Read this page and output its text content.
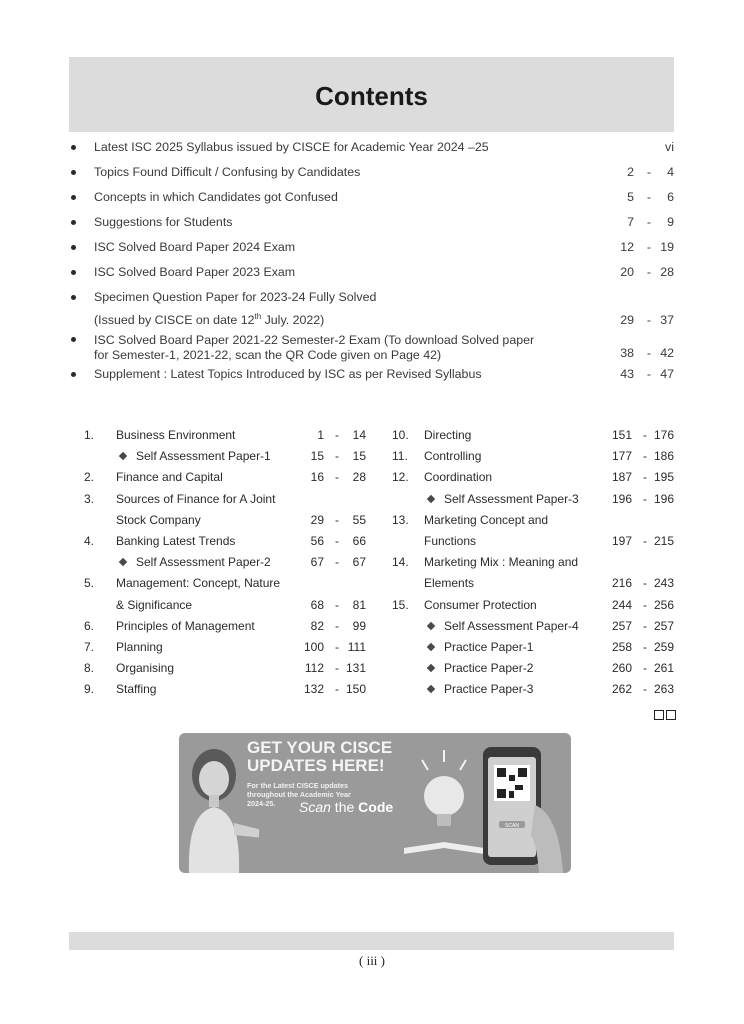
Contents
Latest ISC 2025 Syllabus issued by CISCE for Academic Year 2024 –25	vi
Topics Found Difficult / Confusing by Candidates	2 - 4
Concepts in which Candidates got Confused	5 - 6
Suggestions for Students	7 - 9
ISC Solved Board Paper 2024 Exam	12 - 19
ISC Solved Board Paper 2023 Exam	20 - 28
Specimen Question Paper for 2023-24 Fully Solved
(Issued by CISCE on date 12th July. 2022)	29 - 37
ISC Solved Board Paper 2021-22 Semester-2 Exam (To download Solved paper
for Semester-1, 2021-22, scan the QR Code given on Page 42)	38 - 42
Supplement : Latest Topics Introduced by ISC as per Revised Syllabus	43 - 47
1.	Business Environment	1 - 14
Self Assessment Paper-1	15 - 15
2.	Finance and Capital	16 - 28
3.	Sources of Finance for A Joint
Stock Company	29 - 55
4.	Banking Latest Trends	56 - 66
Self Assessment Paper-2	67 - 67
5.	Management: Concept, Nature
& Significance	68 - 81
6.	Principles of Management	82 - 99
7.	Planning	100 - 111
8.	Organising	112 - 131
9.	Staffing	132 - 150
10.	Directing	151 - 176
11.	Controlling	177 - 186
12.	Coordination	187 - 195
Self Assessment Paper-3	196 - 196
13.	Marketing Concept and
Functions	197 - 215
14.	Marketing Mix : Meaning and
Elements	216 - 243
15.	Consumer Protection	244 - 256
Self Assessment Paper-4	257 - 257
Practice Paper-1	258 - 259
Practice Paper-2	260 - 261
Practice Paper-3	262 - 263
GET YOUR CISCE
UPDATES HERE!
For the Latest CISCE updates
throughout the Academic Year
2024-25.	Scan the Code
SCAN
( iii )
